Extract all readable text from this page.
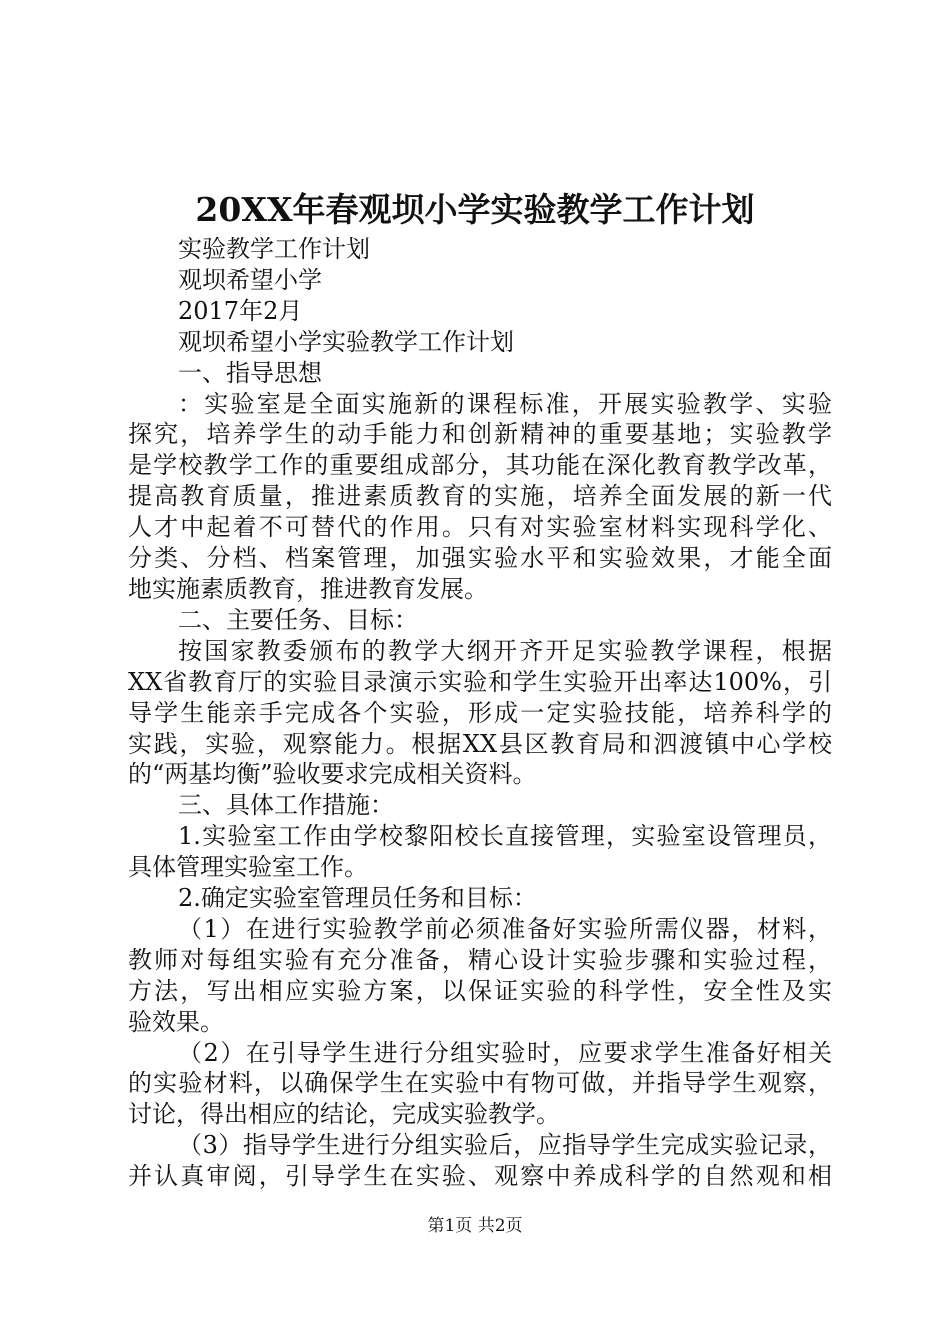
20XX年春观坝小学实验教学工作计划

实验教学工作计划

观坝希望小学

2017年2月

观坝希望小学实验教学工作计划

一、指导思想

：实验室是全面实施新的课程标准，开展实验教学、实验

探究，培养学生的动手能力和创新精神的重要基地；实验教学

是学校教学工作的重要组成部分，其功能在深化教育教学改革，

提高教育质量，推进素质教育的实施，培养全面发展的新一代

人才中起着不可替代的作用。只有对实验室材料实现科学化、

分类、分档、档案管理，加强实验水平和实验效果，才能全面

地实施素质教育，推进教育发展。

二、主要任务、目标：

按国家教委颁布的教学大纲开齐开足实验教学课程，根据

XX省教育厅的实验目录演示实验和学生实验开出率达100%，引

导学生能亲手完成各个实验，形成一定实验技能，培养科学的

实践，实验，观察能力。根据XX县区教育局和泗渡镇中心学校

的“两基均衡”验收要求完成相关资料。

三、具体工作措施：

1.实验室工作由学校黎阳校长直接管理，实验室设管理员，

具体管理实验室工作。

2.确定实验室管理员任务和目标：

（1）在进行实验教学前必须准备好实验所需仪器，材料，

教师对每组实验有充分准备，精心设计实验步骤和实验过程，

方法，写出相应实验方案，以保证实验的科学性，安全性及实

验效果。

（2）在引导学生进行分组实验时，应要求学生准备好相关

的实验材料，以确保学生在实验中有物可做，并指导学生观察，

讨论，得出相应的结论，完成实验教学。

（3）指导学生进行分组实验后，应指导学生完成实验记录，

并认真审阅，引导学生在实验、观察中养成科学的自然观和相

第1页 共2页
